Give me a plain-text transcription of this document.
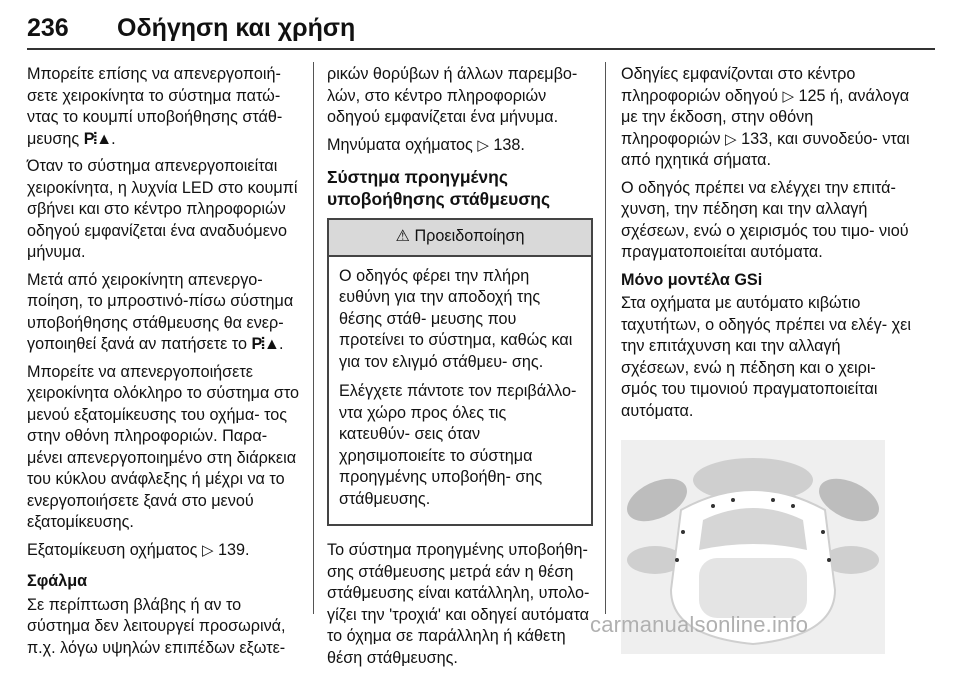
236 Οδήγηση και χρήση

Μπορείτε επίσης να απενεργοποιή- σετε χειροκίνητα το σύστημα πατώ- ντας το κουμπί υποβοήθησης στάθ- μευσης P⦙▲.

Όταν το σύστημα απενεργοποιείται χειροκίνητα, η λυχνία LED στο κουμπί σβήνει και στο κέντρο πληροφοριών οδηγού εμφανίζεται ένα αναδυόμενο μήνυμα.

Μετά από χειροκίνητη απενεργο- ποίηση, το μπροστινό-πίσω σύστημα υποβοήθησης στάθμευσης θα ενερ- γοποιηθεί ξανά αν πατήσετε το P⦙▲.

Μπορείτε να απενεργοποιήσετε χειροκίνητα ολόκληρο το σύστημα στο μενού εξατομίκευσης του οχήμα- τος στην οθόνη πληροφοριών. Παρα- μένει απενεργοποιημένο στη διάρκεια του κύκλου ανάφλεξης ή μέχρι να το ενεργοποιήσετε ξανά στο μενού εξατομίκευσης.

Εξατομίκευση οχήματος ▷ 139.

Σφάλμα

Σε περίπτωση βλάβης ή αν το σύστημα δεν λειτουργεί προσωρινά, π.χ. λόγω υψηλών επιπέδων εξωτε-

ρικών θορύβων ή άλλων παρεμβο- λών, στο κέντρο πληροφοριών οδηγού εμφανίζεται ένα μήνυμα.

Μηνύματα οχήματος ▷ 138.

Σύστημα προηγμένης υποβοήθησης στάθμευσης
⚠ Προειδοποίηση

Ο οδηγός φέρει την πλήρη ευθύνη για την αποδοχή της θέσης στάθ- μευσης που προτείνει το σύστημα, καθώς και για τον ελιγμό στάθμευ- σης.

Ελέγχετε πάντοτε τον περιβάλλο- ντα χώρο προς όλες τις κατευθύν- σεις όταν χρησιμοποιείτε το σύστημα προηγμένης υποβοήθη- σης στάθμευσης.

Το σύστημα προηγμένης υποβοήθη- σης στάθμευσης μετρά εάν η θέση στάθμευσης είναι κατάλληλη, υπολο- γίζει την 'τροχιά' και οδηγεί αυτόματα το όχημα σε παράλληλη ή κάθετη θέση στάθμευσης.

Οδηγίες εμφανίζονται στο κέντρο πληροφοριών οδηγού ▷ 125 ή, ανάλογα με την έκδοση, στην οθόνη πληροφοριών ▷ 133, και συνοδεύο- νται από ηχητικά σήματα.

Ο οδηγός πρέπει να ελέγχει την επιτά- χυνση, την πέδηση και την αλλαγή σχέσεων, ενώ ο χειρισμός του τιμο- νιού πραγματοποιείται αυτόματα.

Μόνο μοντέλα GSi

Στα οχήματα με αυτόματο κιβώτιο ταχυτήτων, ο οδηγός πρέπει να ελέγ- χει την επιτάχυνση και την αλλαγή σχέσεων, ενώ η πέδηση και ο χειρι- σμός του τιμονιού πραγματοποιείται αυτόματα.

carmanualsonline.info
